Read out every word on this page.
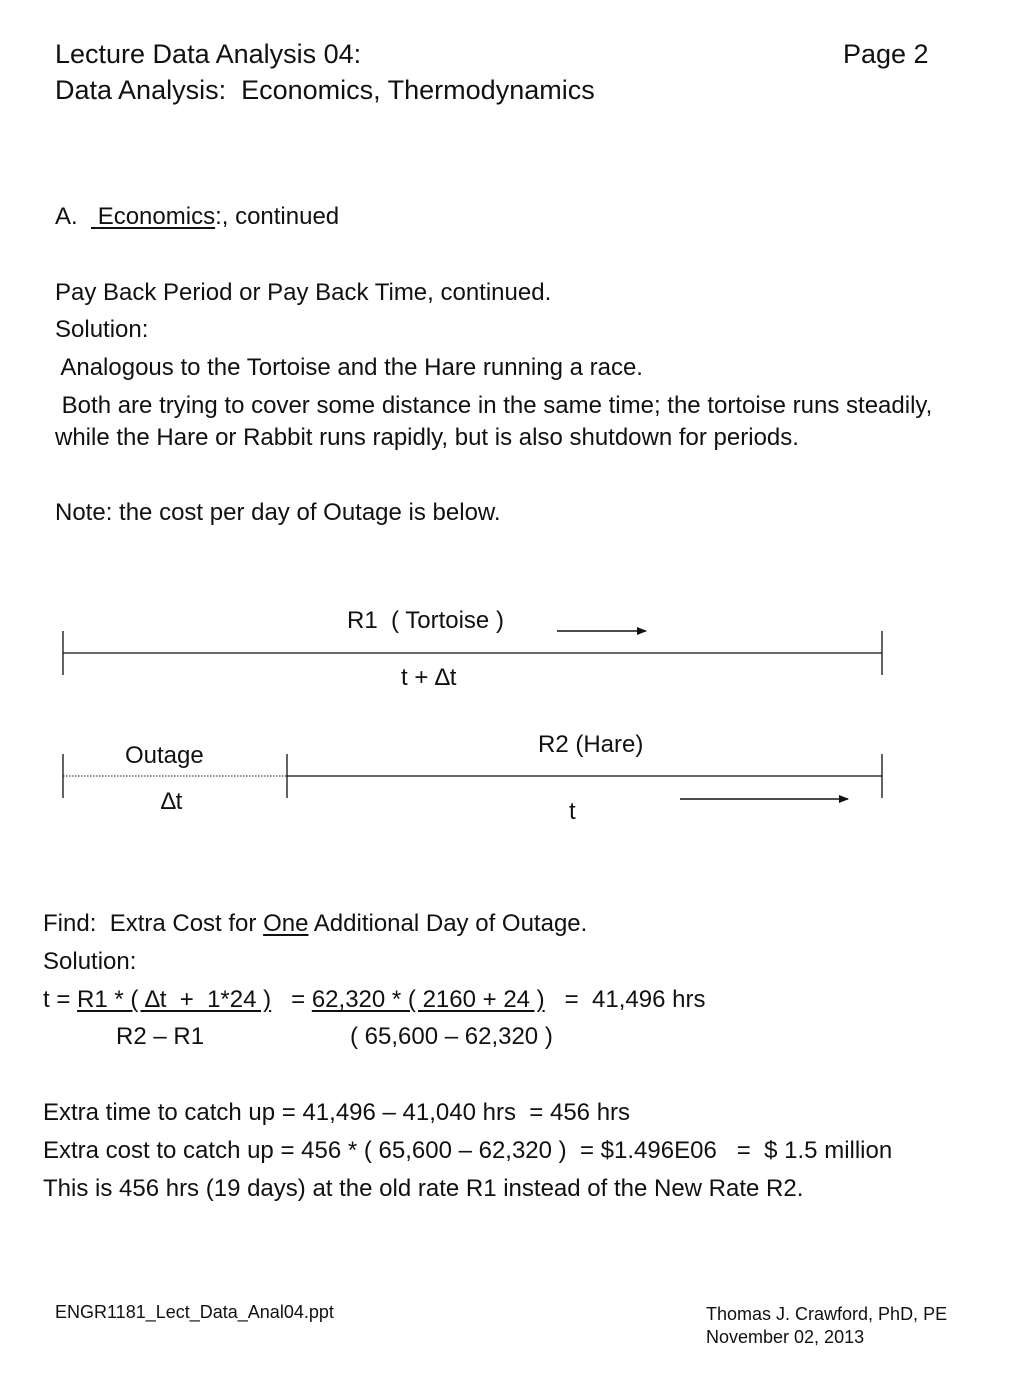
Lecture Data Analysis 04:	Page 2
Data Analysis:  Economics, Thermodynamics
A.   Economics:, continued
Pay Back Period or Pay Back Time, continued.
Solution:
Analogous to the Tortoise and the Hare running a race.
Both are trying to cover some distance in the same time; the tortoise runs steadily,
while the Hare or Rabbit runs rapidly, but is also shutdown for periods.
Note: the cost per day of Outage is below.
R1  ( Tortoise )
t + ∆t
Outage
∆t
R2 (Hare)
t
Find:  Extra Cost for One Additional Day of Outage.
Solution:
t = R1 * ( ∆t  +  1*24 )   = 62,320 * ( 2160 + 24 )   =  41,496 hrs
R2 – R1	( 65,600 – 62,320 )
Extra time to catch up = 41,496 – 41,040 hrs  = 456 hrs
Extra cost to catch up = 456 * ( 65,600 – 62,320 )  = $1.496E06   =  $ 1.5 million
This is 456 hrs (19 days) at the old rate R1 instead of the New Rate R2.
ENGR1181_Lect_Data_Anal04.ppt	Thomas J. Crawford, PhD, PE
November 02, 2013
